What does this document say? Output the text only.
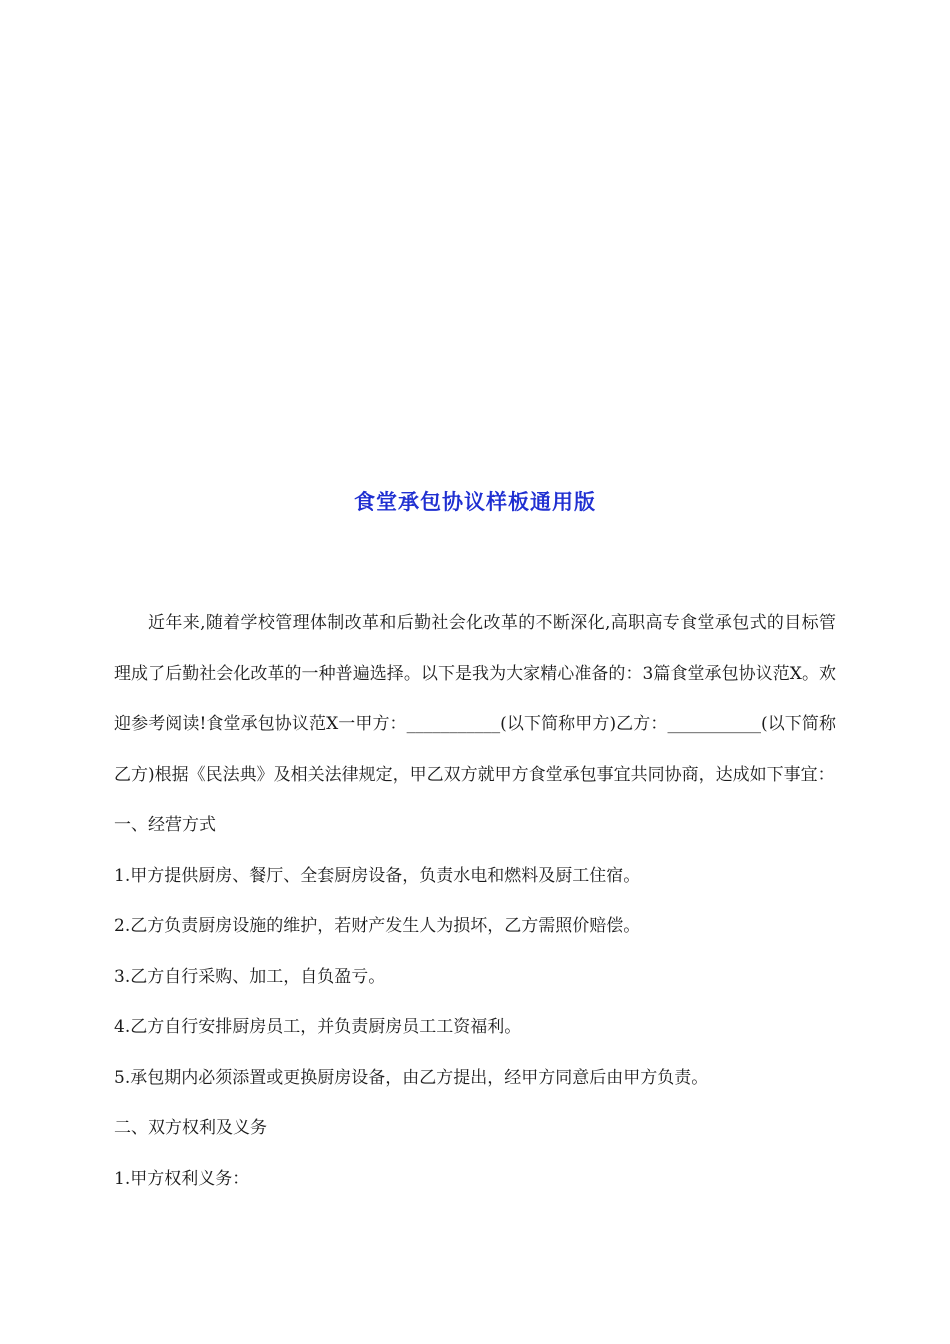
食堂承包协议样板通用版

近年来,随着学校管理体制改革和后勤社会化改革的不断深化,高职高专食堂承包式的目标管理成了后勤社会化改革的一种普遍选择。以下是我为大家精心准备的：3篇食堂承包协议范X。欢迎参考阅读!食堂承包协议范X一甲方：___________(以下简称甲方)乙方：___________(以下简称乙方)根据《民法典》及相关法律规定，甲乙双方就甲方食堂承包事宜共同协商，达成如下事宜：

一、经营方式

1.甲方提供厨房、餐厅、全套厨房设备，负责水电和燃料及厨工住宿。

2.乙方负责厨房设施的维护，若财产发生人为损坏，乙方需照价赔偿。

3.乙方自行采购、加工，自负盈亏。

4.乙方自行安排厨房员工，并负责厨房员工工资福利。

5.承包期内必须添置或更换厨房设备，由乙方提出，经甲方同意后由甲方负责。

二、双方权利及义务

1.甲方权利义务：
